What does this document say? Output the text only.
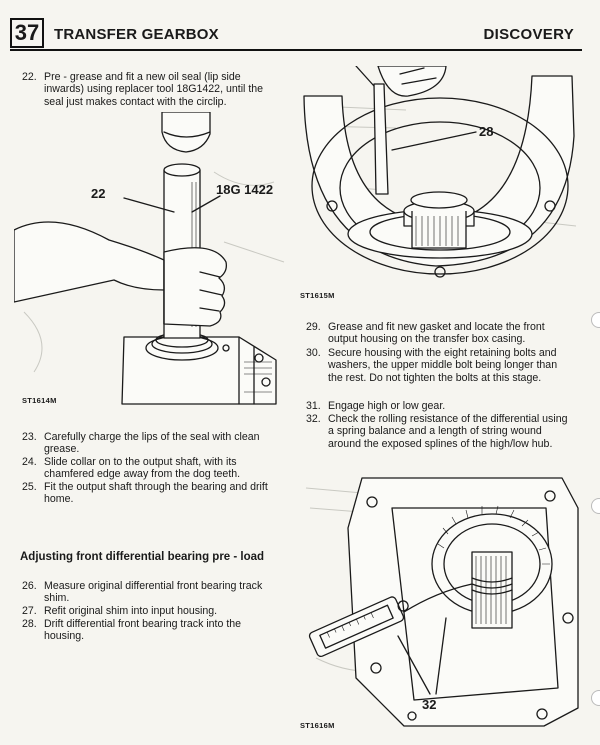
37 TRANSFER GEARBOX	DISCOVERY
22. Pre - grease and fit a new oil seal (lip side inwards) using replacer tool 18G1422, until the seal just makes contact with the circlip.
22	18G 1422
ST1614M
23. Carefully charge the lips of the seal with clean grease.
24. Slide collar on to the output shaft, with its chamfered edge away from the dog teeth.
25. Fit the output shaft through the bearing and drift home.
Adjusting front differential bearing pre - load
26. Measure original differential front bearing track shim.
27. Refit original shim into input housing.
28. Drift differential front bearing track into the housing.
28
ST1615M
29. Grease and fit new gasket and locate the front output housing on the transfer box casing.
30. Secure housing with the eight retaining bolts and washers, the upper middle bolt being longer than the rest. Do not tighten the bolts at this stage.
31. Engage high or low gear.
32. Check the rolling resistance of the differential using a spring balance and a length of string wound around the exposed splines of the high/low hub.
32
ST1616M
